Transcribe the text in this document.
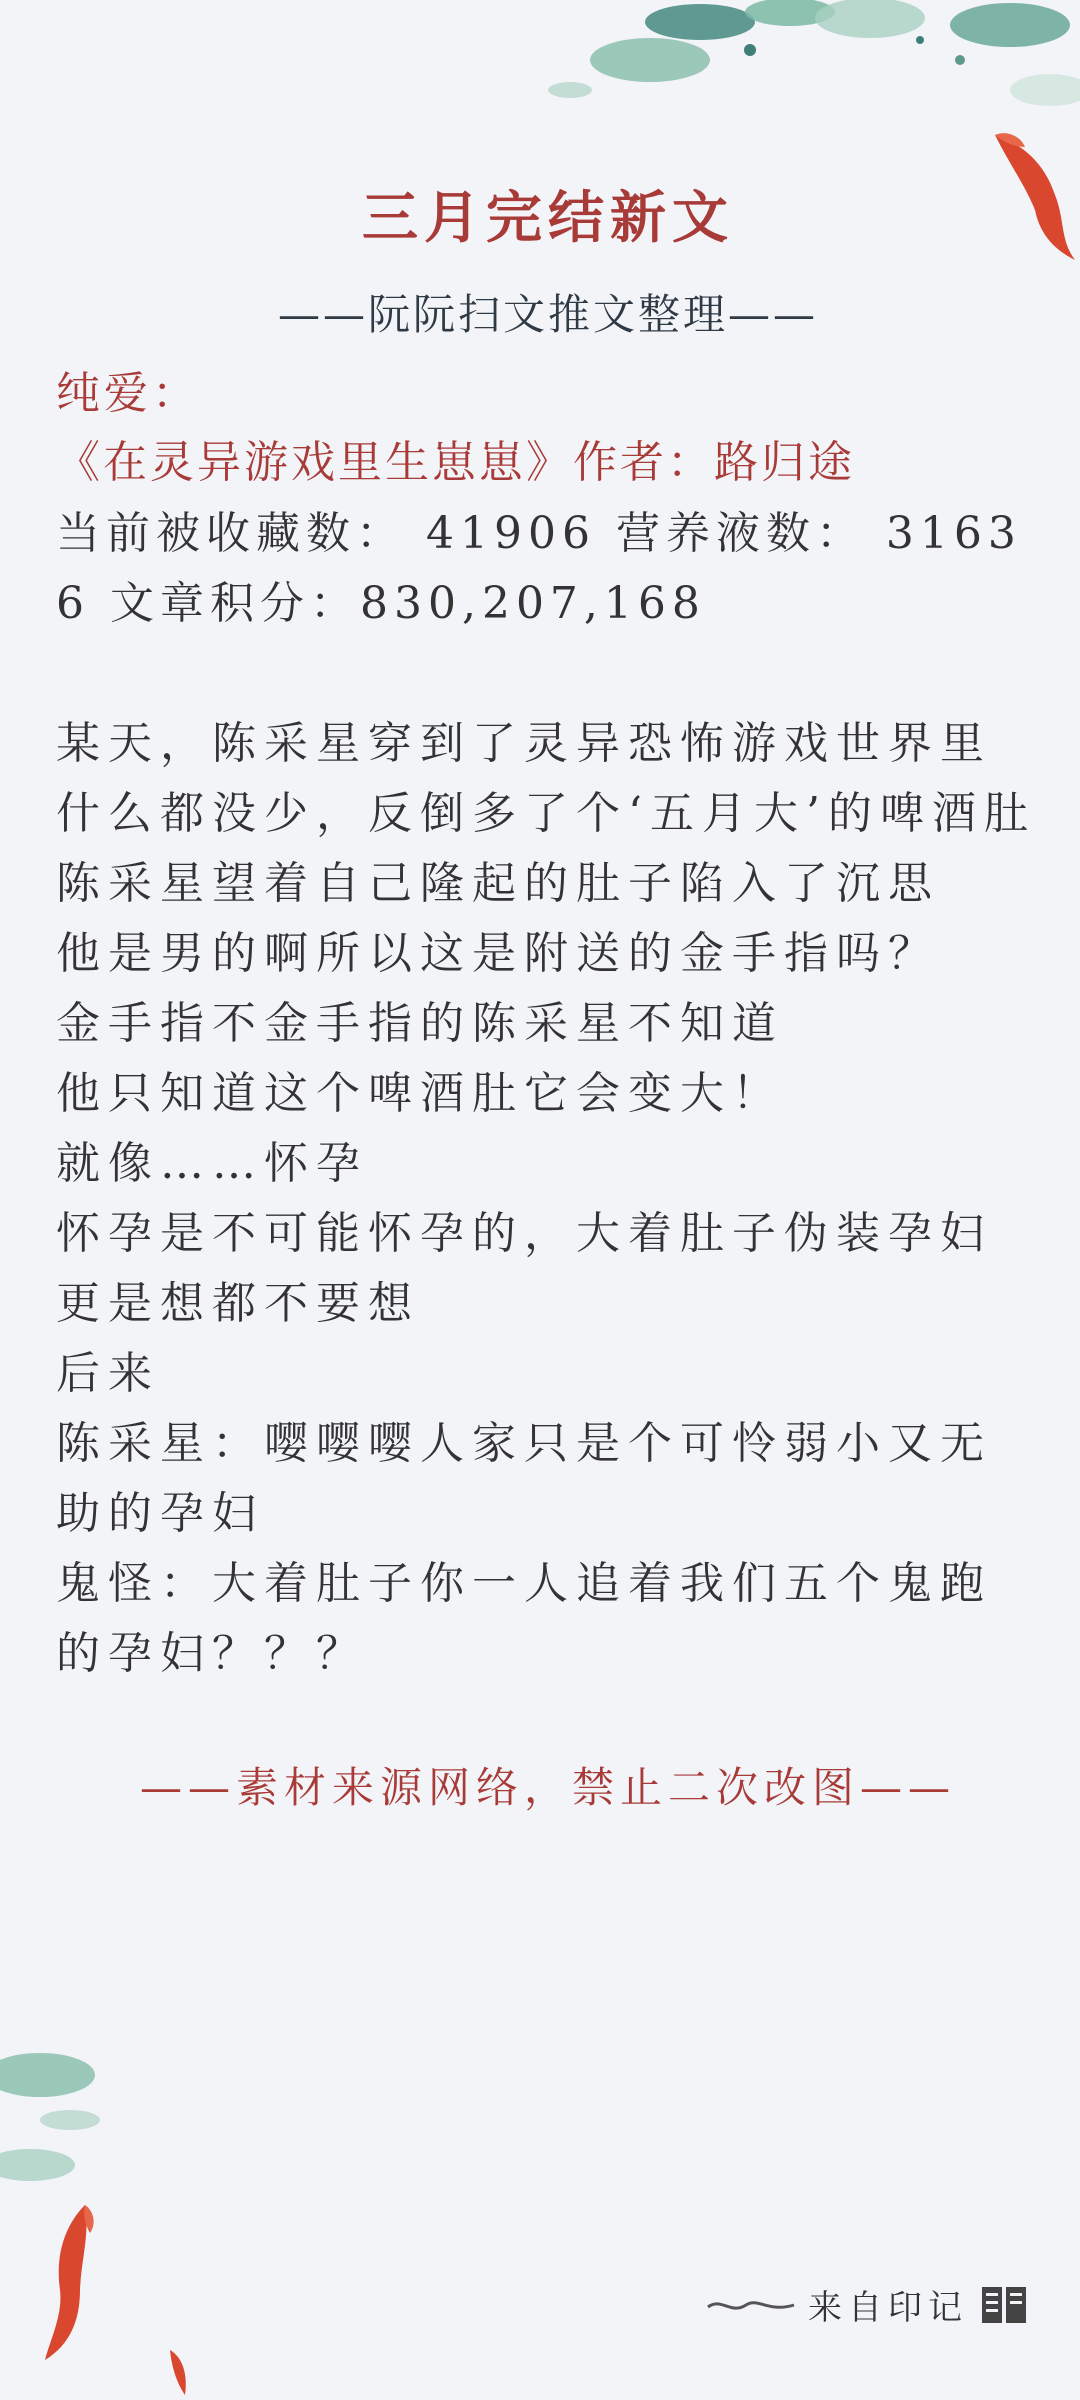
三月完结新文
——阮阮扫文推文整理——
纯爱：
《在灵异游戏里生崽崽》作者：路归途
当前被收藏数： 41906 营养液数： 31636 文章积分：830,207,168
某天，陈采星穿到了灵异恐怖游戏世界里
什么都没少，反倒多了个‘五月大’的啤酒肚
陈采星望着自己隆起的肚子陷入了沉思
他是男的啊所以这是附送的金手指吗？
金手指不金手指的陈采星不知道
他只知道这个啤酒肚它会变大！
就像……怀孕
怀孕是不可能怀孕的，大着肚子伪装孕妇更是想都不要想
后来
陈采星：嘤嘤嘤人家只是个可怜弱小又无助的孕妇
鬼怪：大着肚子你一人追着我们五个鬼跑的孕妇？？？
——素材来源网络，禁止二次改图——
来自印记
